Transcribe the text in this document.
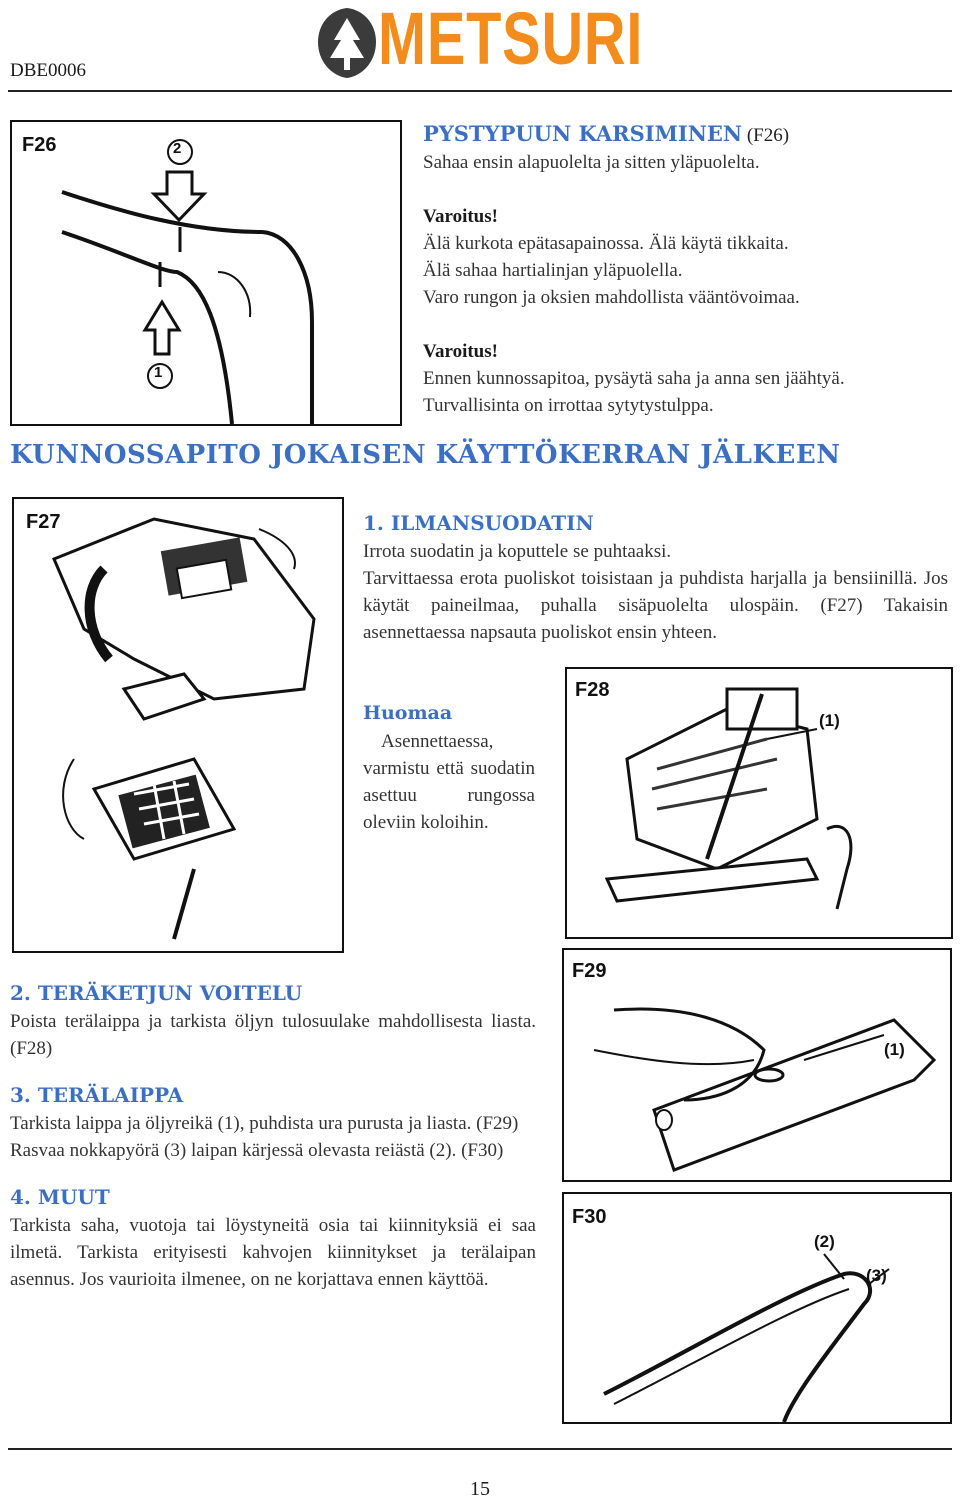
DBE0006	METSURI
F26	2
1
PYSTYPUUN KARSIMINEN (F26)
Sahaa ensin alapuolelta ja sitten yläpuolelta.
Varoitus!
Älä kurkota epätasapainossa. Älä käytä tikkaita.
Älä sahaa hartialinjan yläpuolella.
Varo rungon ja oksien mahdollista vääntövoimaa.
Varoitus!
Ennen kunnossapitoa, pysäytä saha ja anna sen jäähtyä.
Turvallisinta on irrottaa sytytystulppa.
KUNNOSSAPITO JOKAISEN KÄYTTÖKERRAN JÄLKEEN
F27	1. ILMANSUODATIN
Irrota suodatin ja koputtele se puhtaaksi.
Tarvittaessa erota puoliskot toisistaan ja puhdista harjalla ja bensiinillä. Jos käytät paineilmaa, puhalla sisäpuolelta ulospäin. (F27) Takaisin asennettaessa napsauta puoliskot ensin yhteen.
Huomaa
Asennettaessa, varmistu että suodatin asettuu rungossa oleviin koloihin.
F28
(1)
2. TERÄKETJUN VOITELU
Poista terälaippa ja tarkista öljyn tulosuulake mahdollisesta liasta.(F28)
3. TERÄLAIPPA
Tarkista laippa ja öljyreikä (1), puhdista ura purusta ja liasta. (F29)
Rasvaa nokkapyörä (3) laipan kärjessä olevasta reiästä (2). (F30)
4. MUUT
Tarkista saha, vuotoja tai löystyneitä osia tai kiinnityksiä ei saa ilmetä. Tarkista erityisesti kahvojen kiinnitykset ja terälaipan asennus. Jos vaurioita ilmenee, on ne korjattava ennen käyttöä.
F29
(1)
F30
(2)
(3)
15
